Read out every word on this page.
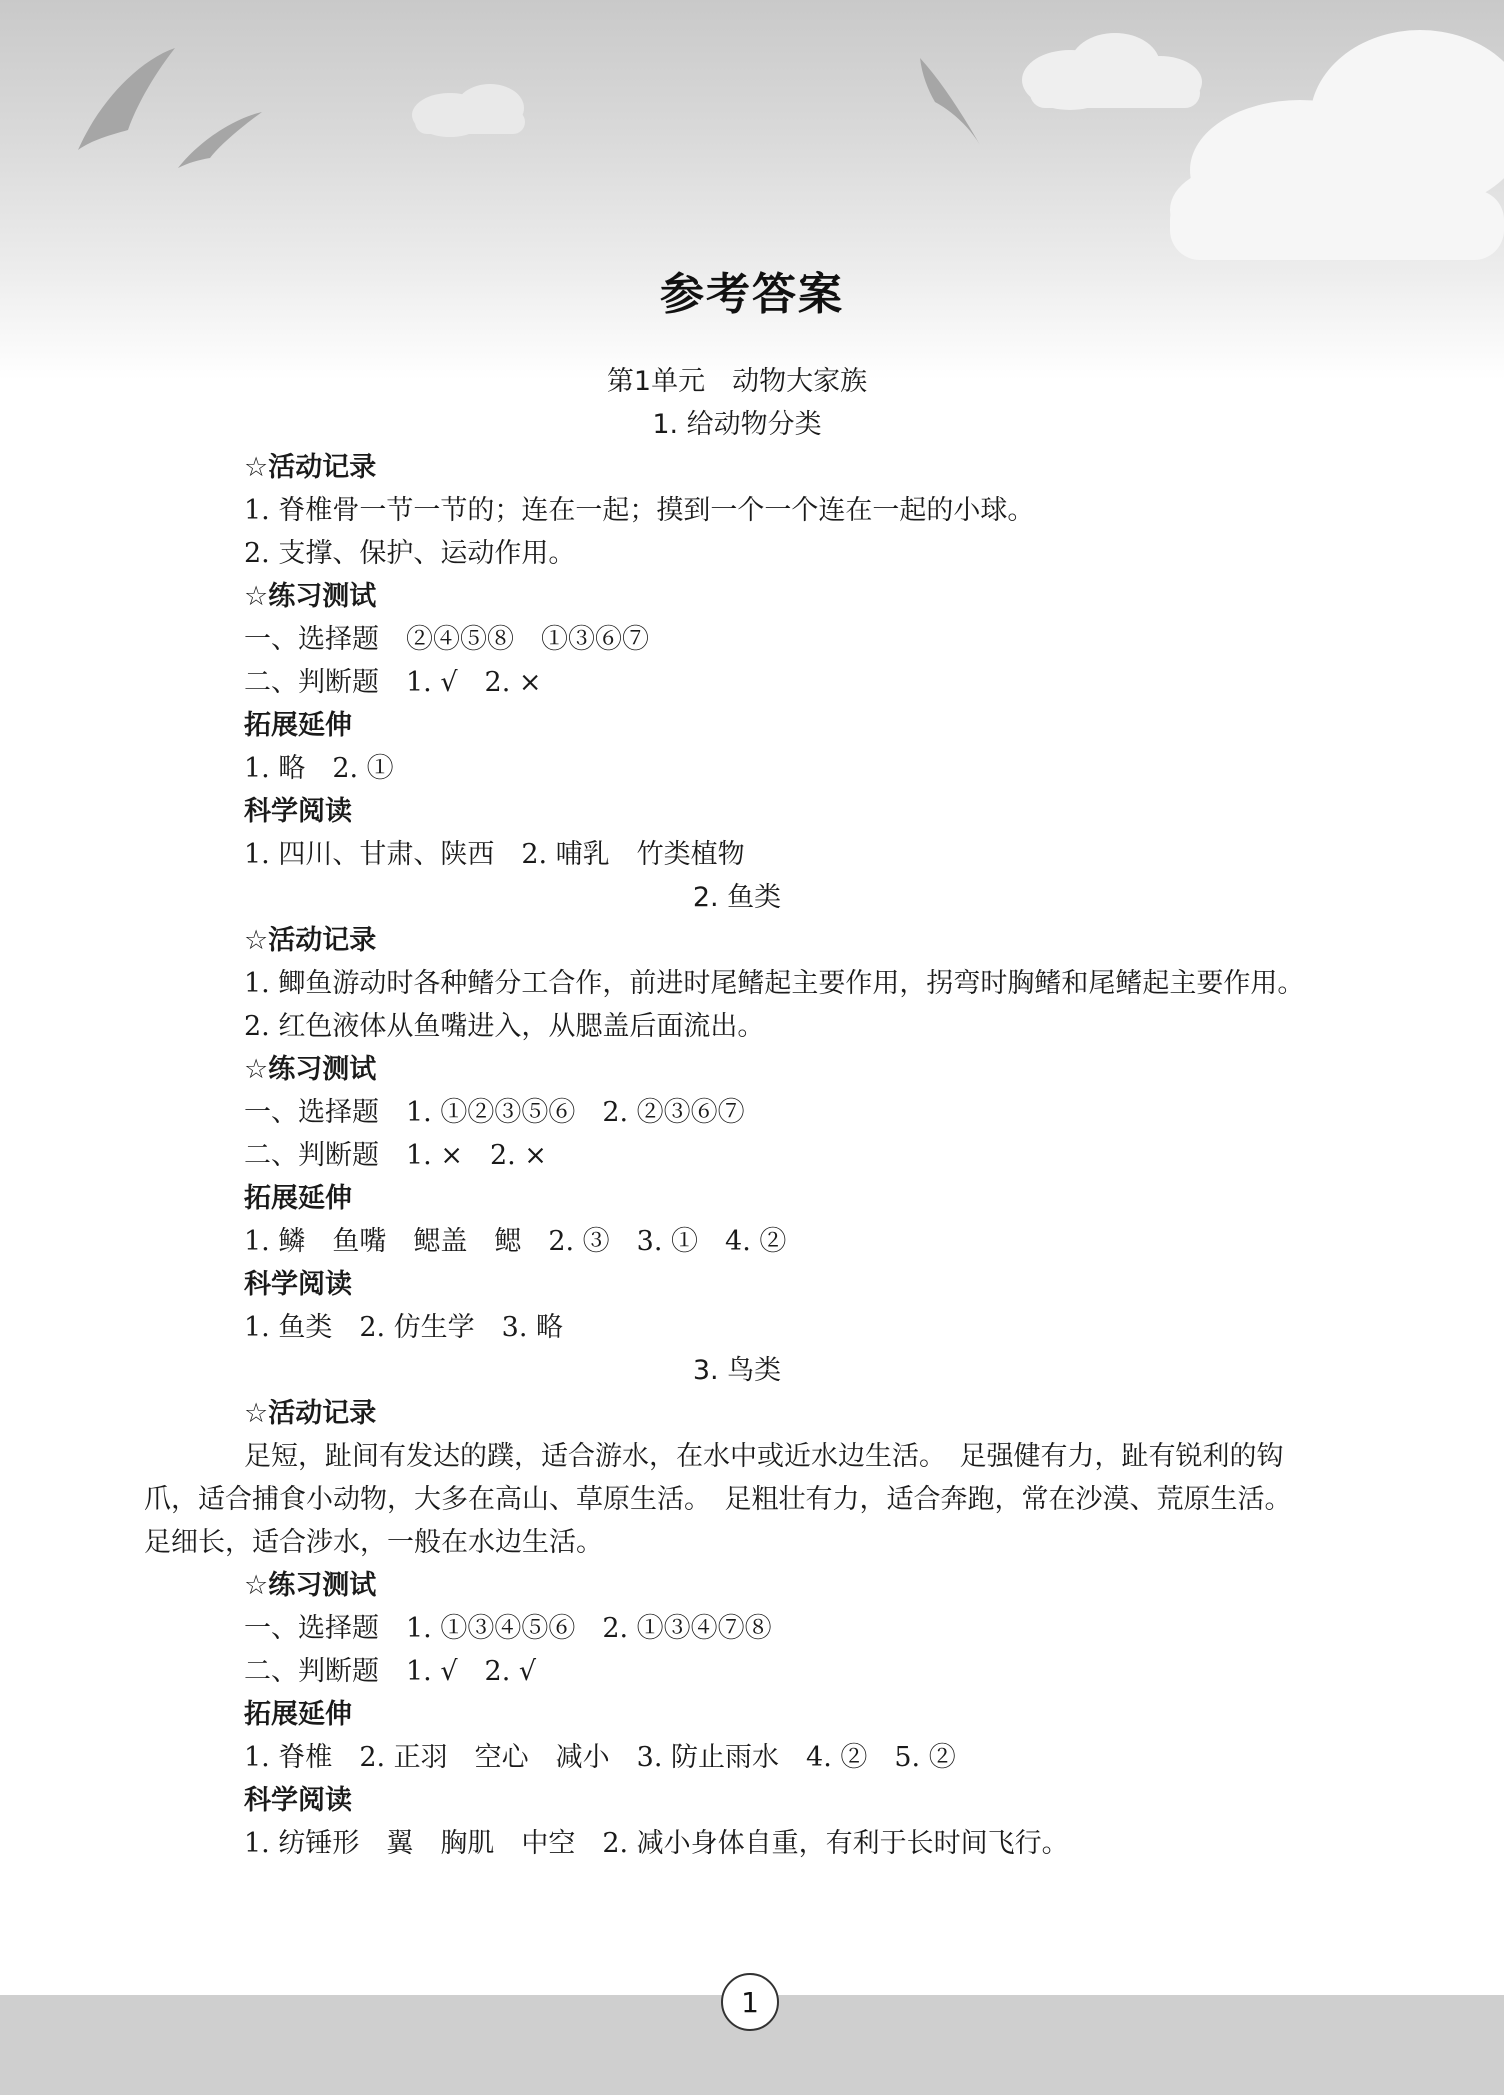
参考答案
第1单元　动物大家族
1. 给动物分类
☆活动记录
1. 脊椎骨一节一节的；连在一起；摸到一个一个连在一起的小球。
2. 支撑、保护、运动作用。
☆练习测试
一、选择题　②④⑤⑧　①③⑥⑦
二、判断题　1. √　2. ×
拓展延伸
1. 略　2. ①
科学阅读
1. 四川、甘肃、陕西　2. 哺乳　竹类植物
2. 鱼类
☆活动记录
1. 鲫鱼游动时各种鳍分工合作，前进时尾鳍起主要作用，拐弯时胸鳍和尾鳍起主要作用。
2. 红色液体从鱼嘴进入，从腮盖后面流出。
☆练习测试
一、选择题　1. ①②③⑤⑥　2. ②③⑥⑦
二、判断题　1. ×　2. ×
拓展延伸
1. 鳞　鱼嘴　鳃盖　鳃　2. ③　3. ①　4. ②
科学阅读
1. 鱼类　2. 仿生学　3. 略
3. 鸟类
☆活动记录
足短，趾间有发达的蹼，适合游水，在水中或近水边生活。　足强健有力，趾有锐利的钩爪，适合捕食小动物，大多在高山、草原生活。　足粗壮有力，适合奔跑，常在沙漠、荒原生活。　足细长，适合涉水，一般在水边生活。
☆练习测试
一、选择题　1. ①③④⑤⑥　2. ①③④⑦⑧
二、判断题　1. √　2. √
拓展延伸
1. 脊椎　2. 正羽　空心　减小　3. 防止雨水　4. ②　5. ②
科学阅读
1. 纺锤形　翼　胸肌　中空　2. 减小身体自重，有利于长时间飞行。
1
